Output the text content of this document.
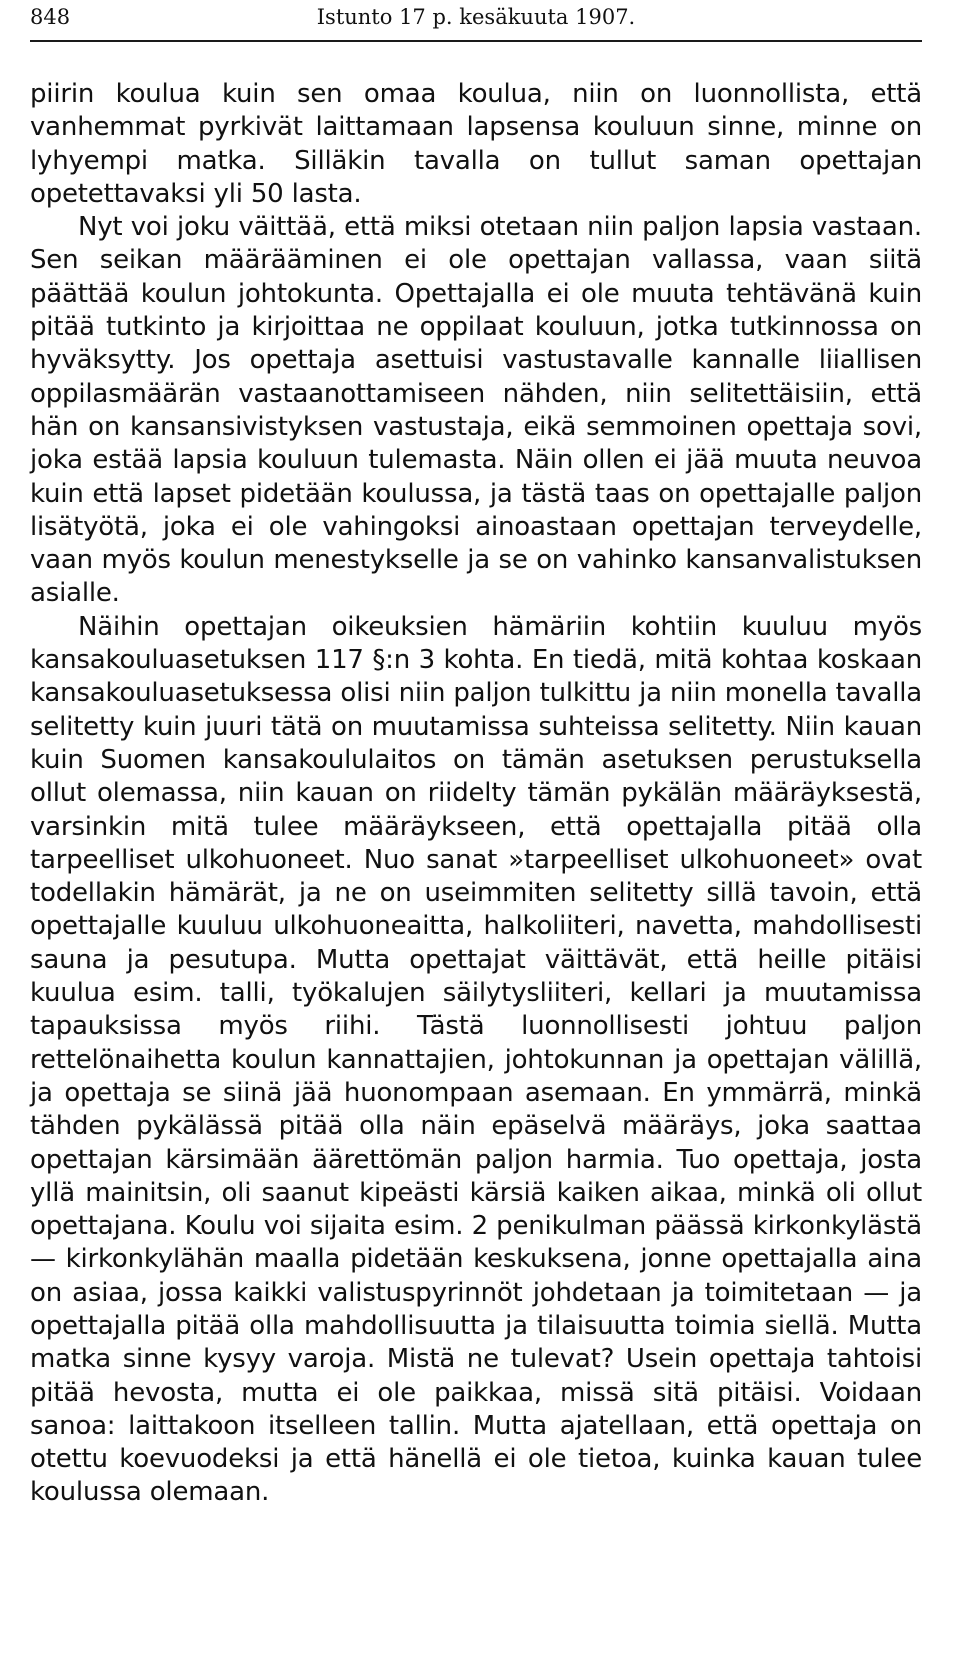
848	Istunto 17 p. kesäkuuta 1907.

piirin koulua kuin sen omaa koulua, niin on luonnollista, että vanhemmat pyrkivät laittamaan lapsensa kouluun sinne, minne on lyhyempi matka. Silläkin tavalla on tullut saman opettajan opetettavaksi yli 50 lasta.

Nyt voi joku väittää, että miksi otetaan niin paljon lapsia vastaan. Sen seikan määrääminen ei ole opettajan vallassa, vaan siitä päättää koulun johtokunta. Opettajalla ei ole muuta tehtävänä kuin pitää tutkinto ja kirjoittaa ne oppilaat kouluun, jotka tutkinnossa on hyväksytty. Jos opettaja asettuisi vastustavalle kannalle liiallisen oppilasmäärän vastaanottamiseen nähden, niin selitettäisiin, että hän on kansansivistyksen vastustaja, eikä semmoinen opettaja sovi, joka estää lapsia kouluun tulemasta. Näin ollen ei jää muuta neuvoa kuin että lapset pidetään koulussa, ja tästä taas on opettajalle paljon lisätyötä, joka ei ole vahingoksi ainoastaan opettajan terveydelle, vaan myös koulun menestykselle ja se on vahinko kansanvalistuksen asialle.

Näihin opettajan oikeuksien hämäriin kohtiin kuuluu myös kansakouluasetuksen 117 §:n 3 kohta. En tiedä, mitä kohtaa koskaan kansakouluasetuksessa olisi niin paljon tulkittu ja niin monella tavalla selitetty kuin juuri tätä on muutamissa suhteissa selitetty. Niin kauan kuin Suomen kansakoululaitos on tämän asetuksen perustuksella ollut olemassa, niin kauan on riidelty tämän pykälän määräyksestä, varsinkin mitä tulee määräykseen, että opettajalla pitää olla tarpeelliset ulkohuoneet. Nuo sanat »tarpeelliset ulkohuoneet» ovat todellakin hämärät, ja ne on useimmiten selitetty sillä tavoin, että opettajalle kuuluu ulkohuoneaitta, halkoliiteri, navetta, mahdollisesti sauna ja pesutupa. Mutta opettajat väittävät, että heille pitäisi kuulua esim. talli, työkalujen säilytysliiteri, kellari ja muutamissa tapauksissa myös riihi. Tästä luonnollisesti johtuu paljon rettelönaihetta koulun kannattajien, johtokunnan ja opettajan välillä, ja opettaja se siinä jää huonompaan asemaan. En ymmärrä, minkä tähden pykälässä pitää olla näin epäselvä määräys, joka saattaa opettajan kärsimään äärettömän paljon harmia. Tuo opettaja, josta yllä mainitsin, oli saanut kipeästi kärsiä kaiken aikaa, minkä oli ollut opettajana. Koulu voi sijaita esim. 2 penikulman päässä kirkonkylästä — kirkonkylähän maalla pidetään keskuksena, jonne opettajalla aina on asiaa, jossa kaikki valistuspyrinnöt johdetaan ja toimitetaan — ja opettajalla pitää olla mahdollisuutta ja tilaisuutta toimia siellä. Mutta matka sinne kysyy varoja. Mistä ne tulevat? Usein opettaja tahtoisi pitää hevosta, mutta ei ole paikkaa, missä sitä pitäisi. Voidaan sanoa: laittakoon itselleen tallin. Mutta ajatellaan, että opettaja on otettu koevuodeksi ja että hänellä ei ole tietoa, kuinka kauan tulee koulussa olemaan.
